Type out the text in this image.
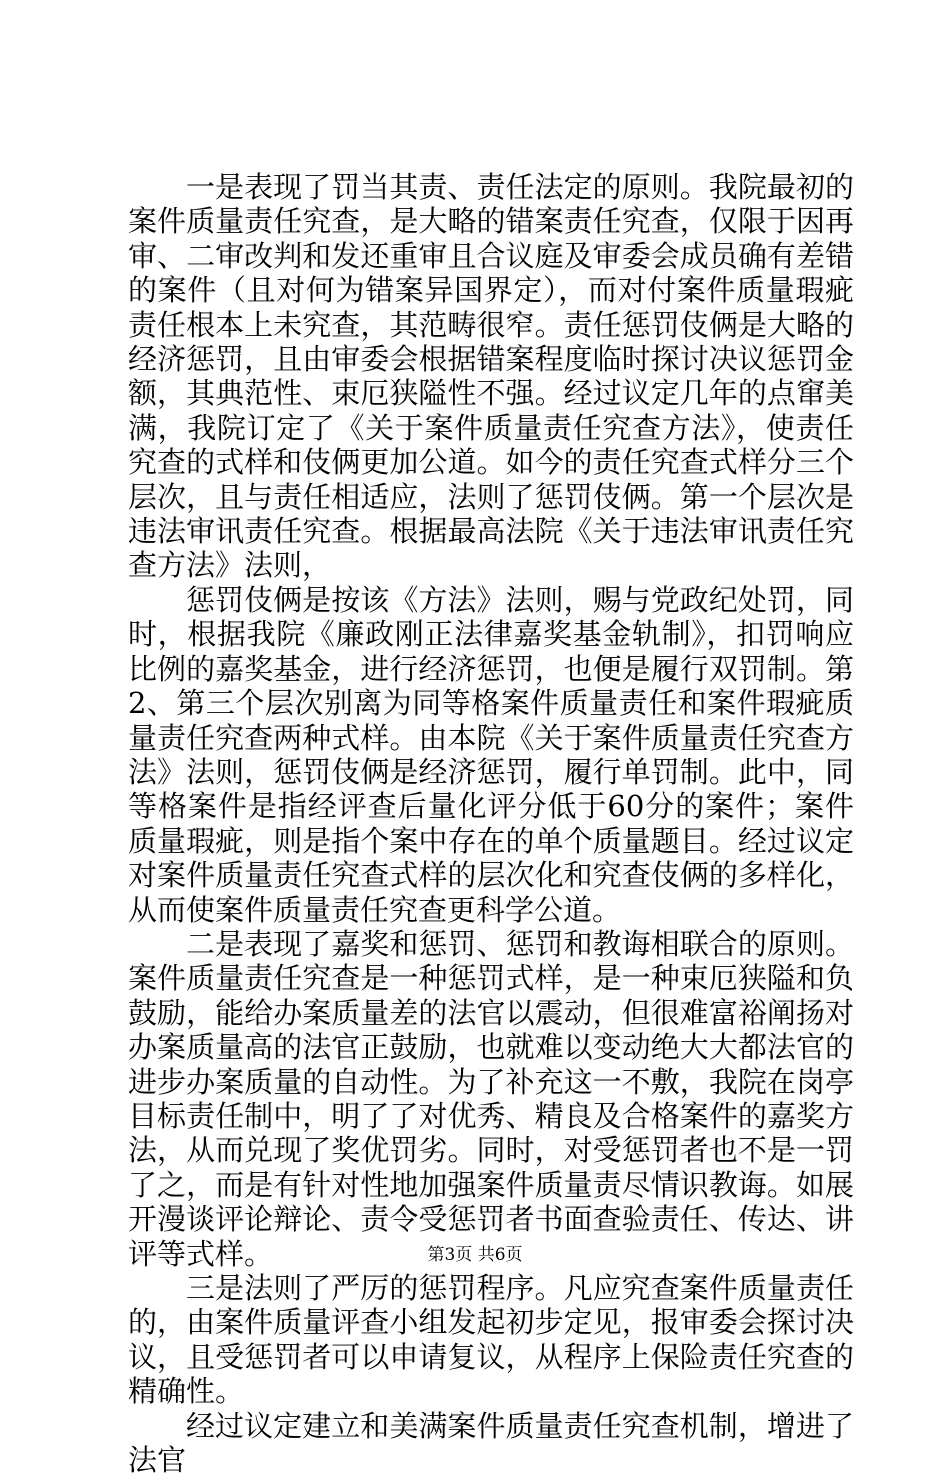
一是表现了罚当其责、责任法定的原则。我院最初的案件质量责任究查，是大略的错案责任究查，仅限于因再审、二审改判和发还重审且合议庭及审委会成员确有差错的案件（且对何为错案异国界定），而对付案件质量瑕疵责任根本上未究查，其范畴很窄。责任惩罚伎俩是大略的经济惩罚，且由审委会根据错案程度临时探讨决议惩罚金额，其典范性、束厄狭隘性不强。经过议定几年的点窜美满，我院订定了《关于案件质量责任究查方法》，使责任究查的式样和伎俩更加公道。如今的责任究查式样分三个层次，且与责任相适应，法则了惩罚伎俩。第一个层次是违法审讯责任究查。根据最高法院《关于违法审讯责任究查方法》法则，

惩罚伎俩是按该《方法》法则，赐与党政纪处罚，同时，根据我院《廉政刚正法律嘉奖基金轨制》，扣罚响应比例的嘉奖基金，进行经济惩罚，也便是履行双罚制。第2、第三个层次别离为同等格案件质量责任和案件瑕疵质量责任究查两种式样。由本院《关于案件质量责任究查方法》法则，惩罚伎俩是经济惩罚，履行单罚制。此中，同等格案件是指经评查后量化评分低于60分的案件；案件质量瑕疵，则是指个案中存在的单个质量题目。经过议定对案件质量责任究查式样的层次化和究查伎俩的多样化，从而使案件质量责任究查更科学公道。

二是表现了嘉奖和惩罚、惩罚和教诲相联合的原则。案件质量责任究查是一种惩罚式样，是一种束厄狭隘和负鼓励，能给办案质量差的法官以震动，但很难富裕阐扬对办案质量高的法官正鼓励，也就难以变动绝大大都法官的进步办案质量的自动性。为了补充这一不敷，我院在岗亭目标责任制中，明了了对优秀、精良及合格案件的嘉奖方法，从而兑现了奖优罚劣。同时，对受惩罚者也不是一罚了之，而是有针对性地加强案件质量责尽情识教诲。如展开漫谈评论辩论、责令受惩罚者书面查验责任、传达、讲评等式样。

三是法则了严厉的惩罚程序。凡应究查案件质量责任的，由案件质量评查小组发起初步定见，报审委会探讨决议，且受惩罚者可以申请复议，从程序上保险责任究查的精确性。

经过议定建立和美满案件质量责任究查机制，增进了法官

第3页 共6页
